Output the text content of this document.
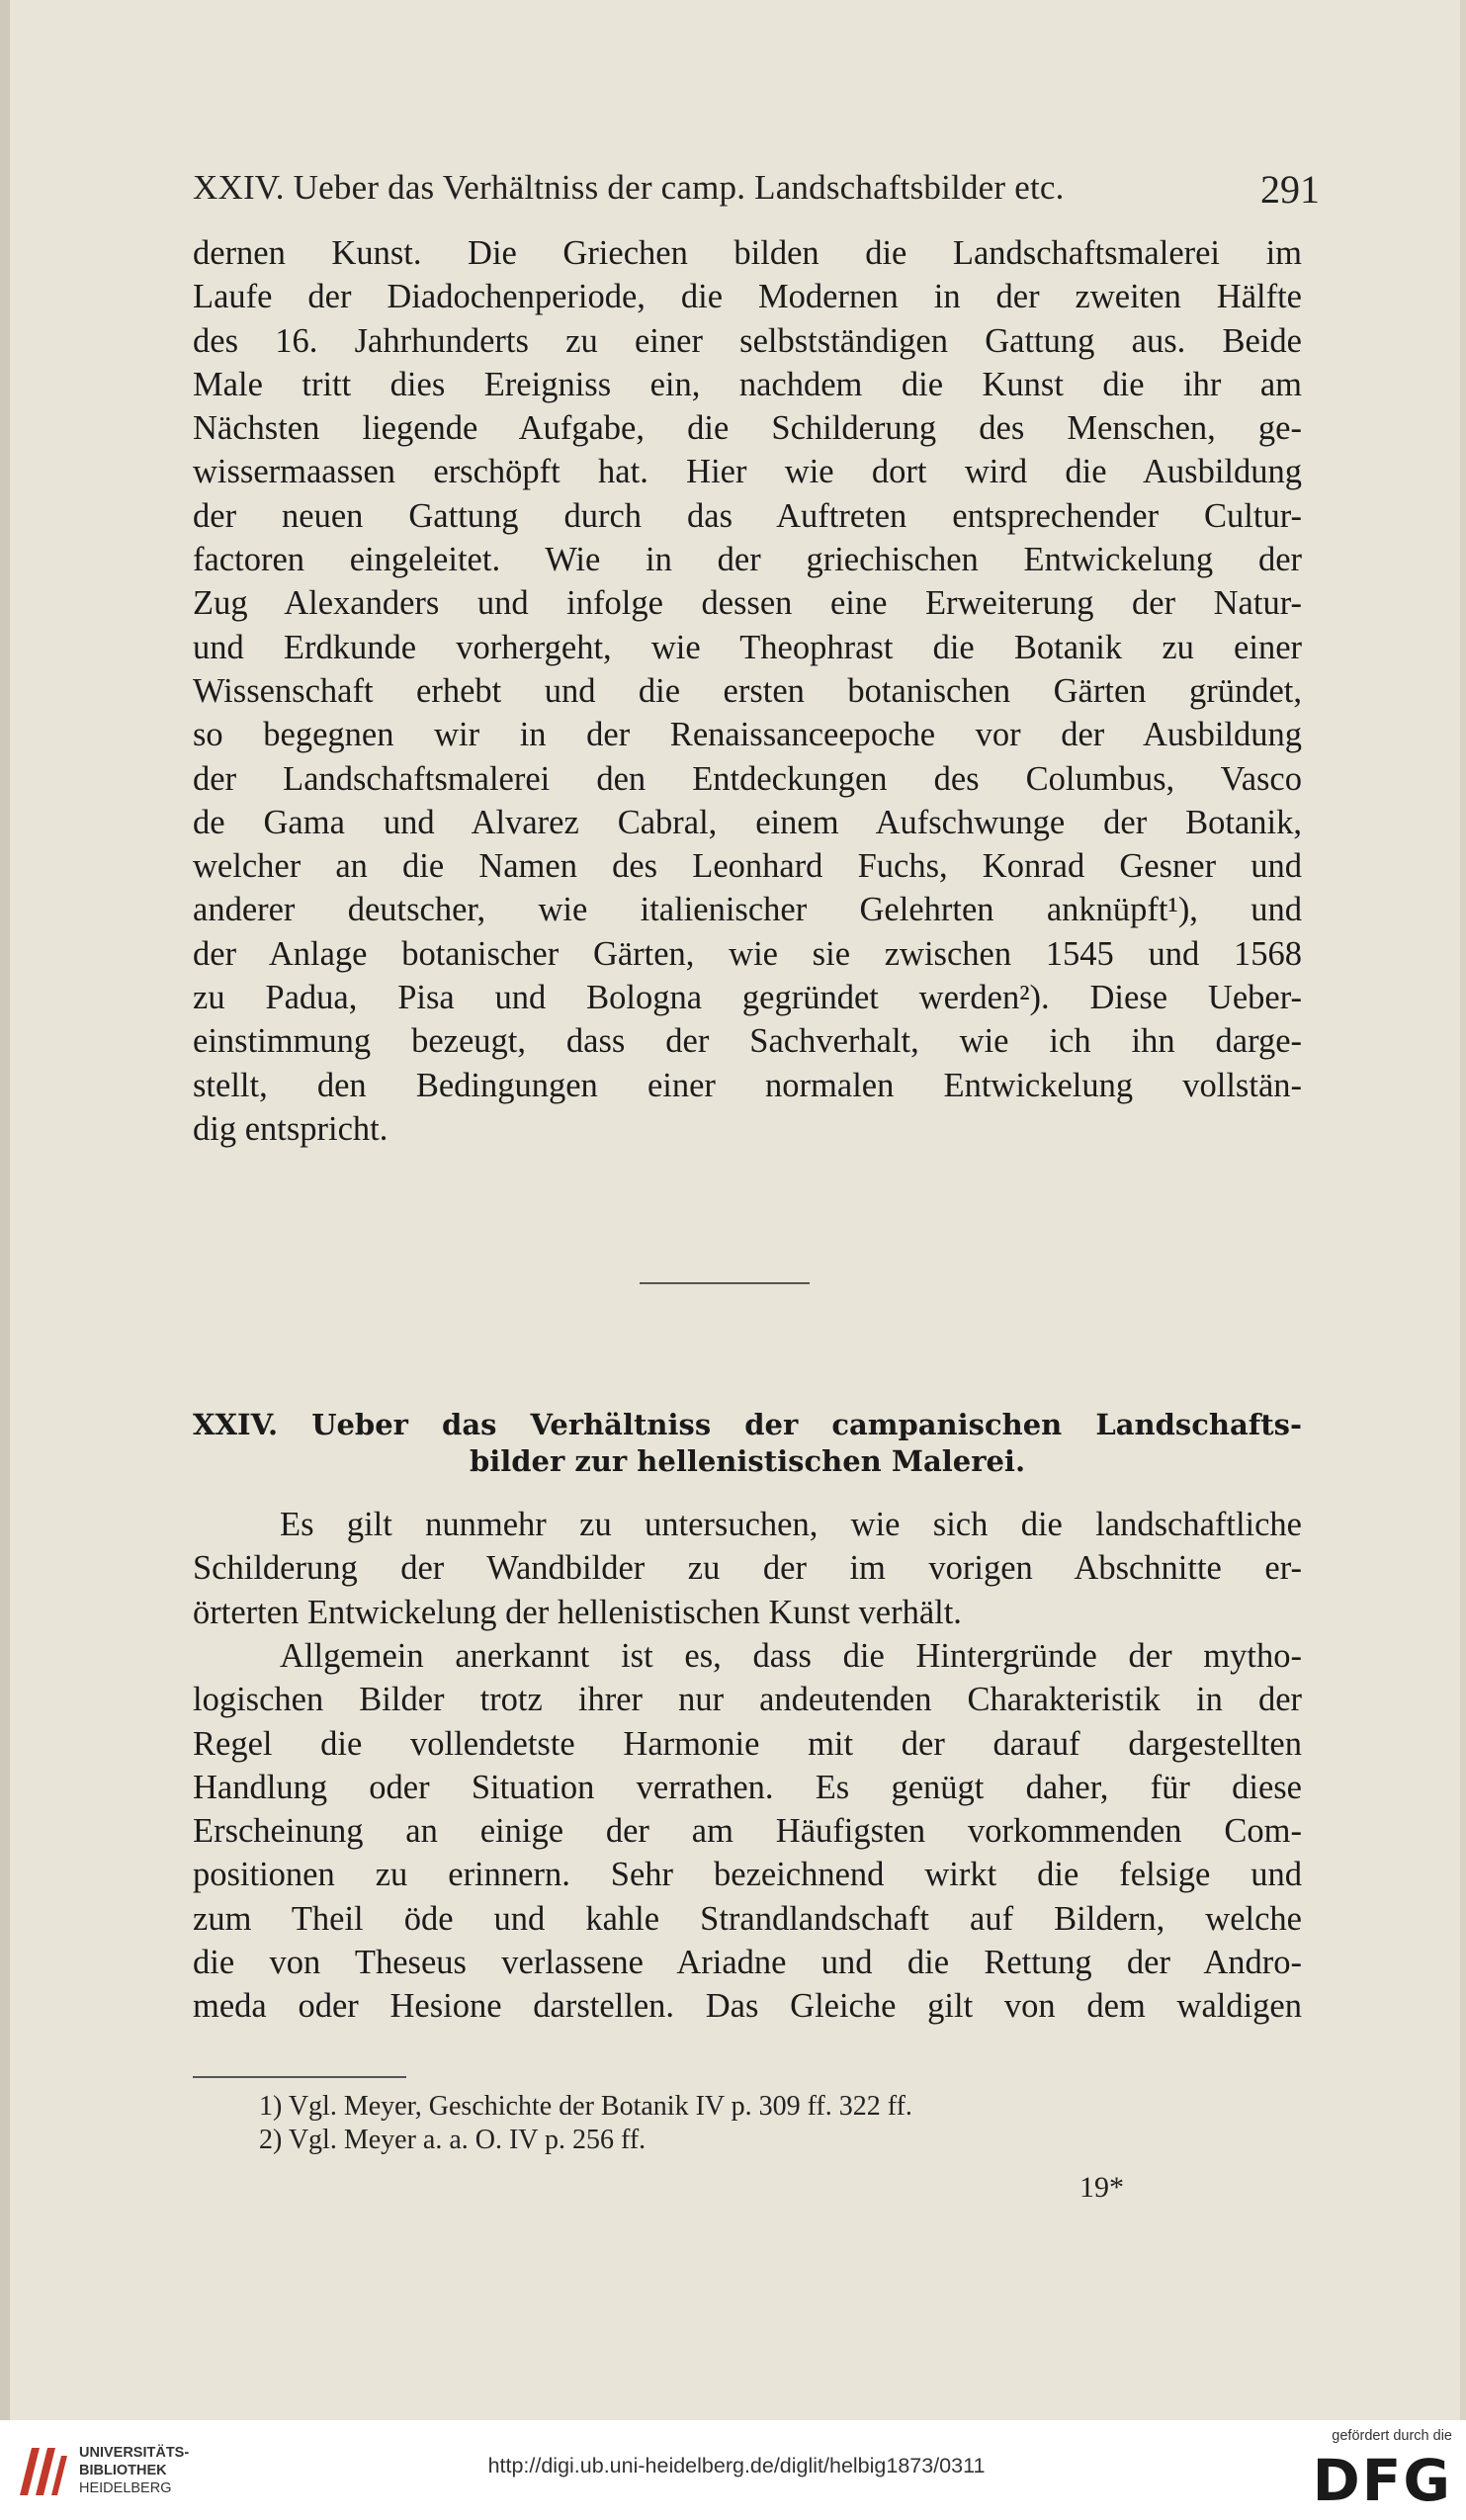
XXIV. Ueber das Verhältniss der camp. Landschaftsbilder etc.	291
dernen Kunst. Die Griechen bilden die Landschaftsmalerei im
Laufe der Diadochenperiode, die Modernen in der zweiten Hälfte
des 16. Jahrhunderts zu einer selbstständigen Gattung aus. Beide
Male tritt dies Ereigniss ein, nachdem die Kunst die ihr am
Nächsten liegende Aufgabe, die Schilderung des Menschen, ge-
wissermaassen erschöpft hat. Hier wie dort wird die Ausbildung
der neuen Gattung durch das Auftreten entsprechender Cultur-
factoren eingeleitet. Wie in der griechischen Entwickelung der
Zug Alexanders und infolge dessen eine Erweiterung der Natur-
und Erdkunde vorhergeht, wie Theophrast die Botanik zu einer
Wissenschaft erhebt und die ersten botanischen Gärten gründet,
so begegnen wir in der Renaissanceepoche vor der Ausbildung
der Landschaftsmalerei den Entdeckungen des Columbus, Vasco
de Gama und Alvarez Cabral, einem Aufschwunge der Botanik,
welcher an die Namen des Leonhard Fuchs, Konrad Gesner und
anderer deutscher, wie italienischer Gelehrten anknüpft¹), und
der Anlage botanischer Gärten, wie sie zwischen 1545 und 1568
zu Padua, Pisa und Bologna gegründet werden²). Diese Ueber-
einstimmung bezeugt, dass der Sachverhalt, wie ich ihn darge-
stellt, den Bedingungen einer normalen Entwickelung vollstän-
dig entspricht.
XXIV. Ueber das Verhältniss der campanischen Landschafts-
bilder zur hellenistischen Malerei.
Es gilt nunmehr zu untersuchen, wie sich die landschaftliche
Schilderung der Wandbilder zu der im vorigen Abschnitte er-
örterten Entwickelung der hellenistischen Kunst verhält.
Allgemein anerkannt ist es, dass die Hintergründe der mytho-
logischen Bilder trotz ihrer nur andeutenden Charakteristik in der
Regel die vollendetste Harmonie mit der darauf dargestellten
Handlung oder Situation verrathen. Es genügt daher, für diese
Erscheinung an einige der am Häufigsten vorkommenden Com-
positionen zu erinnern. Sehr bezeichnend wirkt die felsige und
zum Theil öde und kahle Strandlandschaft auf Bildern, welche
die von Theseus verlassene Ariadne und die Rettung der Andro-
meda oder Hesione darstellen. Das Gleiche gilt von dem waldigen
1) Vgl. Meyer, Geschichte der Botanik IV p. 309 ff. 322 ff.
2) Vgl. Meyer a. a. O. IV p. 256 ff.
19*
UNIVERSITÄTS-
BIBLIOTHEK
HEIDELBERG
http://digi.ub.uni-heidelberg.de/diglit/helbig1873/0311
gefördert durch die
DFG
